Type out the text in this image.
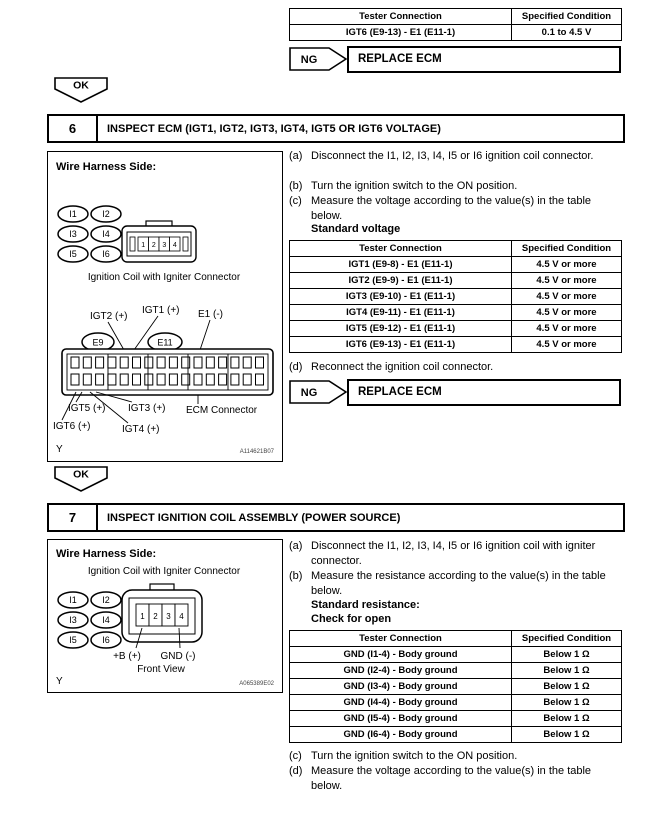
Tester Connection	Specified Condition
IGT6 (E9-13) - E1 (E11-1)	0.1 to 4.5 V
NG	REPLACE ECM
OK
6	INSPECT ECM (IGT1, IGT2, IGT3, IGT4, IGT5 OR IGT6 VOLTAGE)
Wire Harness Side:
I1	I2
I3	I4
I5	I6
1 2 3 4
Ignition Coil with Igniter Connector
IGT2 (+)
IGT1 (+) E1 (-)
E9	E11
IGT5 (+) IGT3 (+) ECM Connector
IGT6 (+)	IGT4 (+)
Y	A114621B07
(a) Disconnect the I1, I2, I3, I4, I5 or I6 ignition coil connector.
(b) Turn the ignition switch to the ON position.
(c) Measure the voltage according to the value(s) in the table below.
Standard voltage
Tester Connection	Specified Condition
IGT1 (E9-8) - E1 (E11-1)	4.5 V or more
IGT2 (E9-9) - E1 (E11-1)	4.5 V or more
IGT3 (E9-10) - E1 (E11-1)	4.5 V or more
IGT4 (E9-11) - E1 (E11-1)	4.5 V or more
IGT5 (E9-12) - E1 (E11-1)	4.5 V or more
IGT6 (E9-13) - E1 (E11-1)	4.5 V or more
(d) Reconnect the ignition coil connector.
NG	REPLACE ECM
OK
7	INSPECT IGNITION COIL ASSEMBLY (POWER SOURCE)
Wire Harness Side:
Ignition Coil with Igniter Connector
I1	I2
I3	I4
I5	I6
1 2 3 4
+B (+) GND (-)
Front View
Y	A065389E02
(a) Disconnect the I1, I2, I3, I4, I5 or I6 ignition coil with igniter connector.
(b) Measure the resistance according to the value(s) in the table below.
Standard resistance:
Check for open
Tester Connection	Specified Condition
GND (I1-4) - Body ground	Below 1 Ω
GND (I2-4) - Body ground	Below 1 Ω
GND (I3-4) - Body ground	Below 1 Ω
GND (I4-4) - Body ground	Below 1 Ω
GND (I5-4) - Body ground	Below 1 Ω
GND (I6-4) - Body ground	Below 1 Ω
(c) Turn the ignition switch to the ON position.
(d) Measure the voltage according to the value(s) in the table below.
